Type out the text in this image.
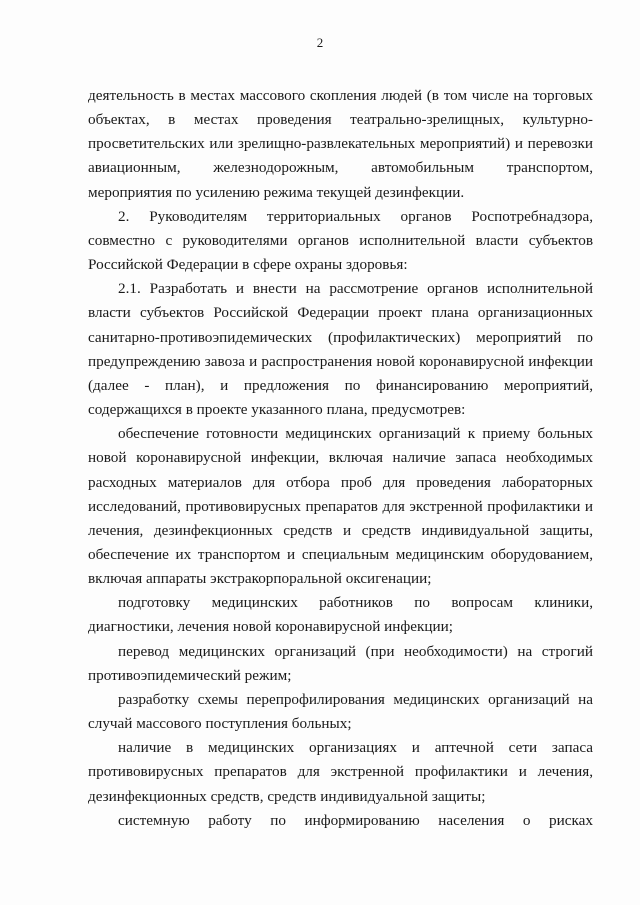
2

деятельность в местах массового скопления людей (в том числе на торговых объектах, в местах проведения театрально-зрелищных, культурно-просветительских или зрелищно-развлекательных мероприятий) и перевозки авиационным, железнодорожным, автомобильным транспортом, мероприятия по усилению режима текущей дезинфекции.

2. Руководителям территориальных органов Роспотребнадзора, совместно с руководителями органов исполнительной власти субъектов Российской Федерации в сфере охраны здоровья:

2.1. Разработать и внести на рассмотрение органов исполнительной власти субъектов Российской Федерации проект плана организационных санитарно-противоэпидемических (профилактических) мероприятий по предупреждению завоза и распространения новой коронавирусной инфекции (далее - план), и предложения по финансированию мероприятий, содержащихся в проекте указанного плана, предусмотрев:

обеспечение готовности медицинских организаций к приему больных новой коронавирусной инфекции, включая наличие запаса необходимых расходных материалов для отбора проб для проведения лабораторных исследований, противовирусных препаратов для экстренной профилактики и лечения, дезинфекционных средств и средств индивидуальной защиты, обеспечение их транспортом и специальным медицинским оборудованием, включая аппараты экстракорпоральной оксигенации;

подготовку медицинских работников по вопросам клиники, диагностики, лечения новой коронавирусной инфекции;

перевод медицинских организаций (при необходимости) на строгий противоэпидемический режим;

разработку схемы перепрофилирования медицинских организаций на случай массового поступления больных;

наличие в медицинских организациях и аптечной сети запаса противовирусных препаратов для экстренной профилактики и лечения, дезинфекционных средств, средств индивидуальной защиты;

системную работу по информированию населения о рисках
